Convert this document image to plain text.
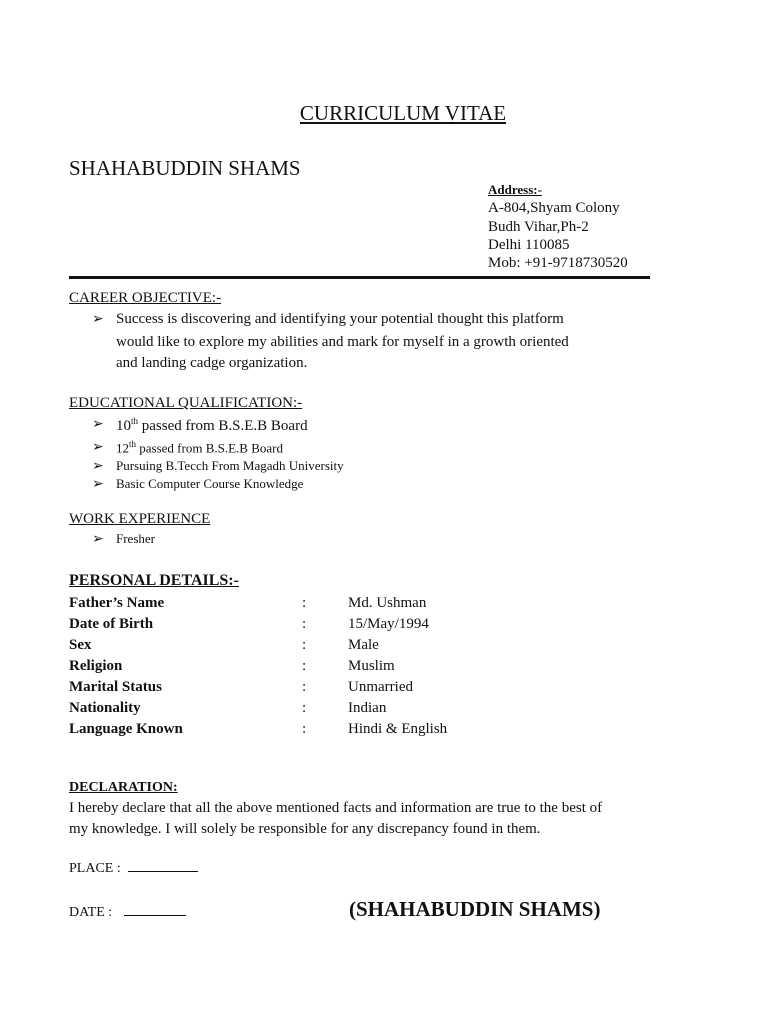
CURRICULUM VITAE
SHAHABUDDIN SHAMS
Address:-
A-804,Shyam Colony
Budh Vihar,Ph-2
Delhi 110085
Mob: +91-9718730520
CAREER OBJECTIVE:-
➢ Success is discovering and identifying your potential thought this platform
would like to explore my abilities and mark for myself in a growth oriented
and landing cadge organization.
EDUCATIONAL QUALIFICATION:-
➢ 10th passed from B.S.E.B Board
➢ 12th passed from B.S.E.B Board
➢ Pursuing B.Tecch From Magadh University
➢ Basic Computer Course Knowledge
WORK EXPERIENCE
➢ Fresher
PERSONAL DETAILS:-
Father’s Name	:	Md. Ushman
Date of Birth	:	15/May/1994
Sex	:	Male
Religion	:	Muslim
Marital Status	:	Unmarried
Nationality	:	Indian
Language Known	:	Hindi & English
DECLARATION:
I hereby declare that all the above mentioned facts and information are true to the best of
my knowledge. I will solely be responsible for any discrepancy found in them.
PLACE :
DATE :	(SHAHABUDDIN SHAMS)
